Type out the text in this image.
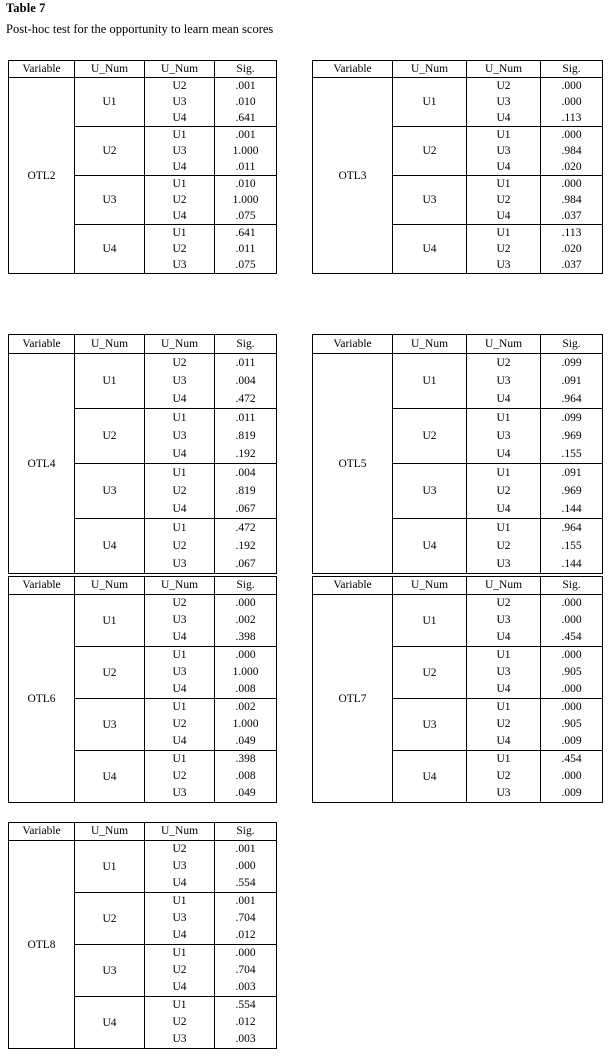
Table 7
Post-hoc test for the opportunity to learn mean scores
Variable	U_Num	U_Num	Sig.
OTL2	U1	U2	.001
		U3	.010
		U4	.641
	U2	U1	.001
		U3	1.000
		U4	.011
	U3	U1	.010
		U2	1.000
		U4	.075
	U4	U1	.641
		U2	.011
		U3	.075
Variable	U_Num	U_Num	Sig.
OTL3	U1	U2	.000
		U3	.000
		U4	.113
	U2	U1	.000
		U3	.984
		U4	.020
	U3	U1	.000
		U2	.984
		U4	.037
	U4	U1	.113
		U2	.020
		U3	.037
Variable	U_Num	U_Num	Sig.
OTL4	U1	U2	.011
		U3	.004
		U4	.472
	U2	U1	.011
		U3	.819
		U4	.192
	U3	U1	.004
		U2	.819
		U4	.067
	U4	U1	.472
		U2	.192
		U3	.067
Variable	U_Num	U_Num	Sig.
OTL5	U1	U2	.099
		U3	.091
		U4	.964
	U2	U1	.099
		U3	.969
		U4	.155
	U3	U1	.091
		U2	.969
		U4	.144
	U4	U1	.964
		U2	.155
		U3	.144
Variable	U_Num	U_Num	Sig.
OTL6	U1	U2	.000
		U3	.002
		U4	.398
	U2	U1	.000
		U3	1.000
		U4	.008
	U3	U1	.002
		U2	1.000
		U4	.049
	U4	U1	.398
		U2	.008
		U3	.049
Variable	U_Num	U_Num	Sig.
OTL7	U1	U2	.000
		U3	.000
		U4	.454
	U2	U1	.000
		U3	.905
		U4	.000
	U3	U1	.000
		U2	.905
		U4	.009
	U4	U1	.454
		U2	.000
		U3	.009
Variable	U_Num	U_Num	Sig.
OTL8	U1	U2	.001
		U3	.000
		U4	.554
	U2	U1	.001
		U3	.704
		U4	.012
	U3	U1	.000
		U2	.704
		U4	.003
	U4	U1	.554
		U2	.012
		U3	.003
